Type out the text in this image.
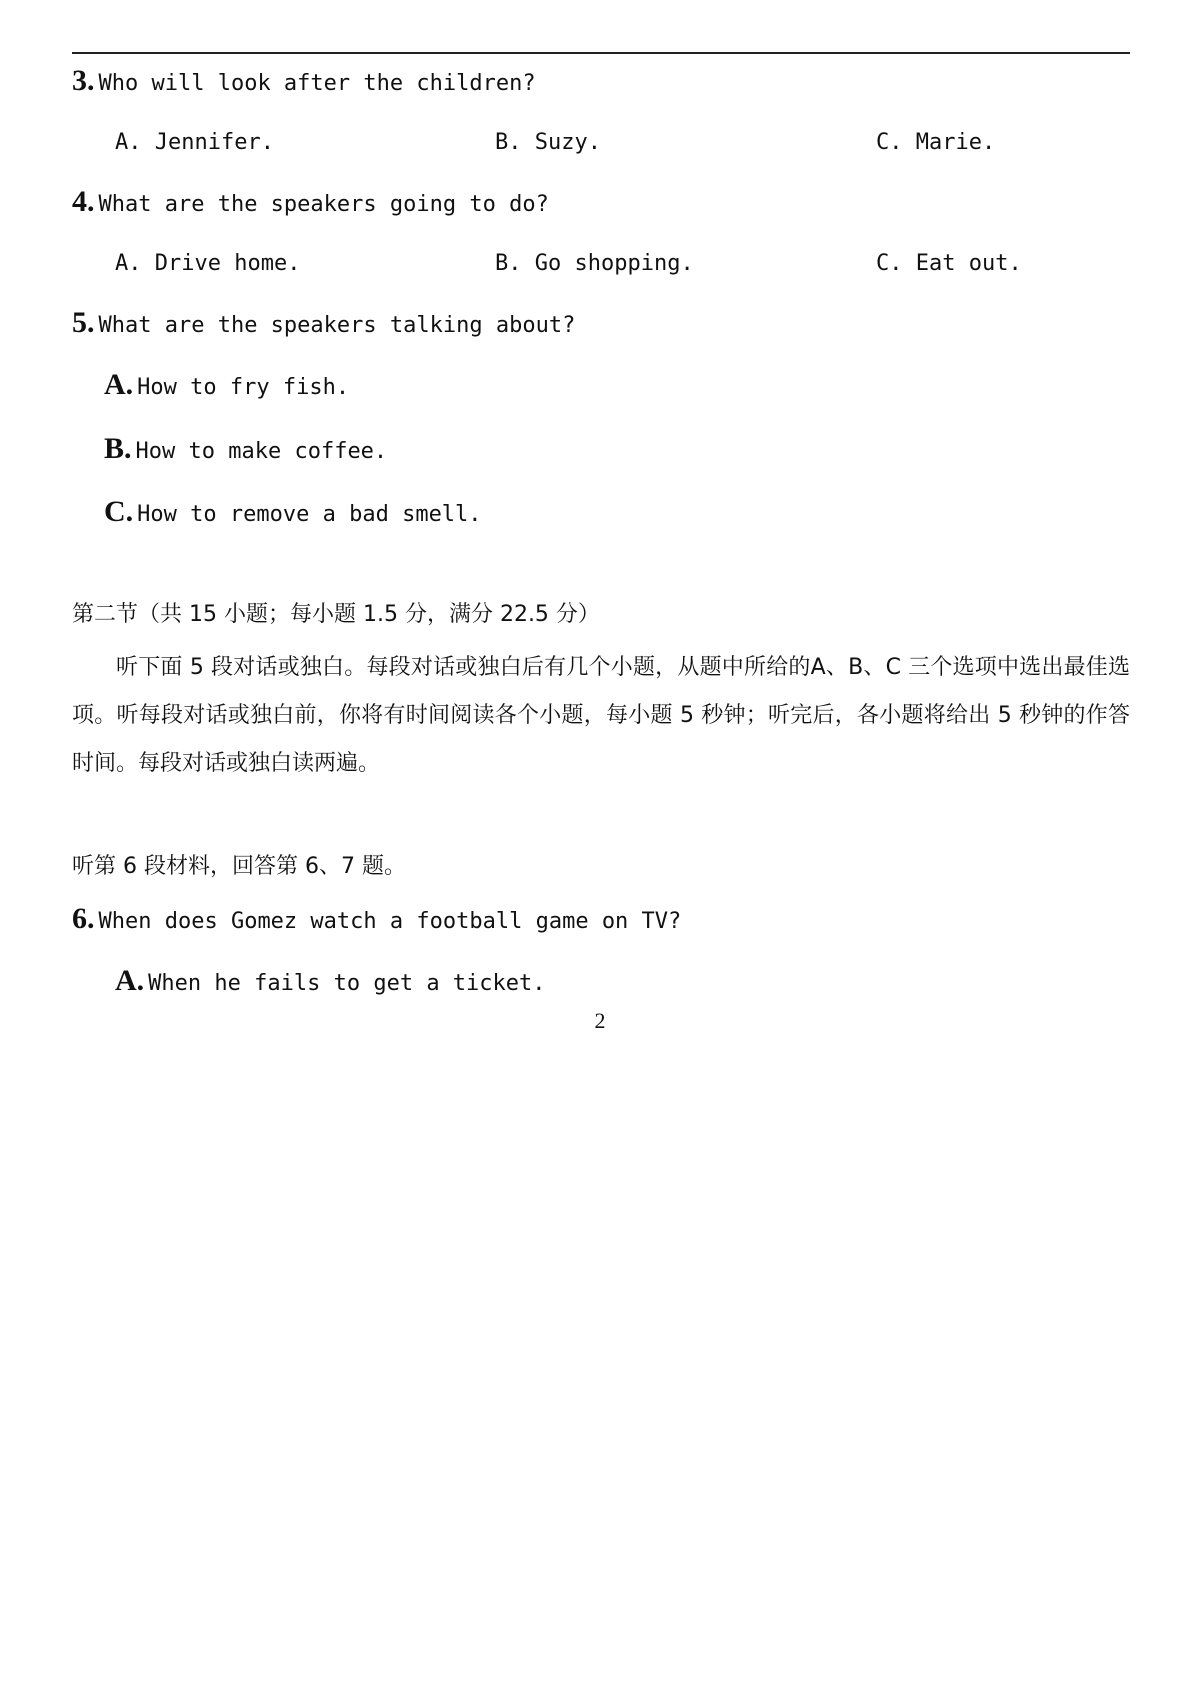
3. Who will look after the children?
A. Jennifer.	B. Suzy.	C. Marie.
4. What are the speakers going to do?
A. Drive home.	B. Go shopping.	C. Eat out.
5. What are the speakers talking about?
A. How to fry fish.
B. How to make coffee.
C. How to remove a bad smell.
第二节（共 15 小题；每小题 1.5 分，满分 22.5 分）
听下面 5 段对话或独白。每段对话或独白后有几个小题，从题中所给的A、B、C 三个选项中选出最佳选项。听每段对话或独白前，你将有时间阅读各个小题，每小题 5 秒钟；听完后，各小题将给出 5 秒钟的作答时间。每段对话或独白读两遍。
听第 6 段材料，回答第 6、7 题。
6. When does Gomez watch a football game on TV?
A. When he fails to get a ticket.
2
